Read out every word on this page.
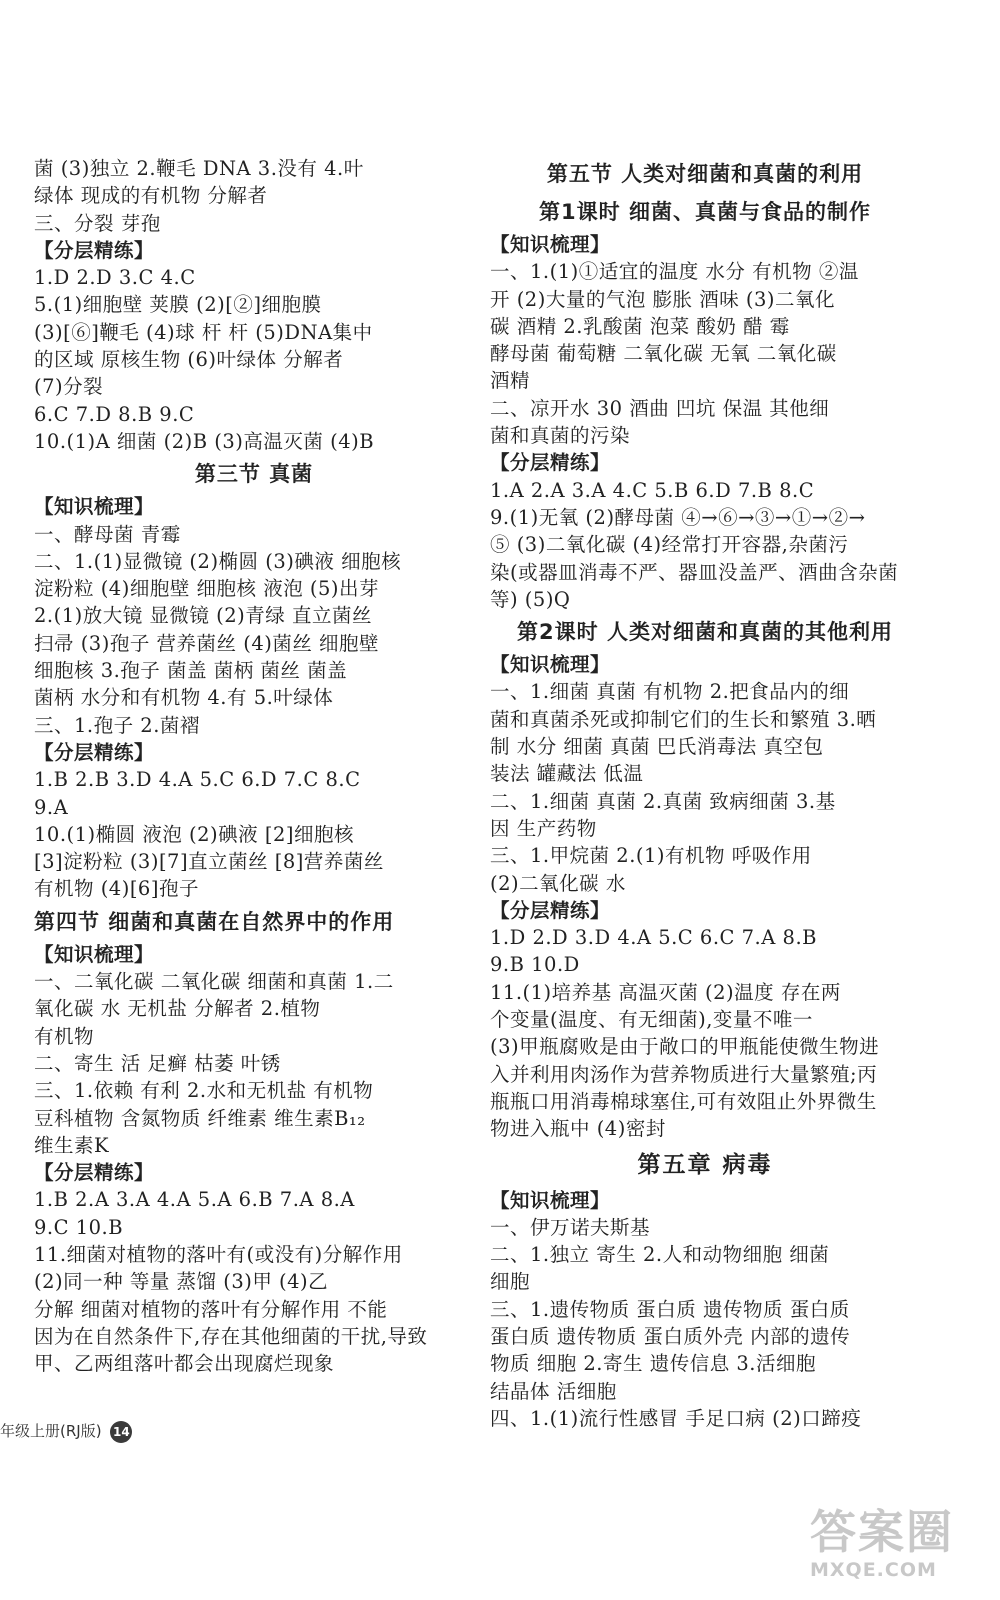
菌 (3)独立 2.鞭毛 DNA 3.没有 4.叶
绿体 现成的有机物 分解者
三、分裂 芽孢
【分层精练】
1.D 2.D 3.C 4.C
5.(1)细胞壁 荚膜 (2)[②]细胞膜
(3)[⑥]鞭毛 (4)球 杆 杆 (5)DNA集中
的区域 原核生物 (6)叶绿体 分解者
(7)分裂
6.C 7.D 8.B 9.C
10.(1)A 细菌 (2)B (3)高温灭菌 (4)B
第三节 真菌
【知识梳理】
一、酵母菌 青霉
二、1.(1)显微镜 (2)椭圆 (3)碘液 细胞核
淀粉粒 (4)细胞壁 细胞核 液泡 (5)出芽
2.(1)放大镜 显微镜 (2)青绿 直立菌丝
扫帚 (3)孢子 营养菌丝 (4)菌丝 细胞壁
细胞核 3.孢子 菌盖 菌柄 菌丝 菌盖
菌柄 水分和有机物 4.有 5.叶绿体
三、1.孢子 2.菌褶
【分层精练】
1.B 2.B 3.D 4.A 5.C 6.D 7.C 8.C
9.A
10.(1)椭圆 液泡 (2)碘液 [2]细胞核
[3]淀粉粒 (3)[7]直立菌丝 [8]营养菌丝
有机物 (4)[6]孢子
第四节 细菌和真菌在自然界中的作用
【知识梳理】
一、二氧化碳 二氧化碳 细菌和真菌 1.二
氧化碳 水 无机盐 分解者 2.植物
有机物
二、寄生 活 足癣 枯萎 叶锈
三、1.依赖 有利 2.水和无机盐 有机物
豆科植物 含氮物质 纤维素 维生素B₁₂
维生素K
【分层精练】
1.B 2.A 3.A 4.A 5.A 6.B 7.A 8.A
9.C 10.B
11.细菌对植物的落叶有(或没有)分解作用
(2)同一种 等量 蒸馏 (3)甲 (4)乙
分解 细菌对植物的落叶有分解作用 不能
因为在自然条件下,存在其他细菌的干扰,导致
甲、乙两组落叶都会出现腐烂现象
第五节 人类对细菌和真菌的利用
第1课时 细菌、真菌与食品的制作
【知识梳理】
一、1.(1)①适宜的温度 水分 有机物 ②温
开 (2)大量的气泡 膨胀 酒味 (3)二氧化
碳 酒精 2.乳酸菌 泡菜 酸奶 醋 霉
酵母菌 葡萄糖 二氧化碳 无氧 二氧化碳
酒精
二、凉开水 30 酒曲 凹坑 保温 其他细
菌和真菌的污染
【分层精练】
1.A 2.A 3.A 4.C 5.B 6.D 7.B 8.C
9.(1)无氧 (2)酵母菌 ④→⑥→③→①→②→
⑤ (3)二氧化碳 (4)经常打开容器,杂菌污
染(或器皿消毒不严、器皿没盖严、酒曲含杂菌
等) (5)Q
第2课时 人类对细菌和真菌的其他利用
【知识梳理】
一、1.细菌 真菌 有机物 2.把食品内的细
菌和真菌杀死或抑制它们的生长和繁殖 3.晒
制 水分 细菌 真菌 巴氏消毒法 真空包
装法 罐藏法 低温
二、1.细菌 真菌 2.真菌 致病细菌 3.基
因 生产药物
三、1.甲烷菌 2.(1)有机物 呼吸作用
(2)二氧化碳 水
【分层精练】
1.D 2.D 3.D 4.A 5.C 6.C 7.A 8.B
9.B 10.D
11.(1)培养基 高温灭菌 (2)温度 存在两
个变量(温度、有无细菌),变量不唯一
(3)甲瓶腐败是由于敞口的甲瓶能使微生物进
入并利用肉汤作为营养物质进行大量繁殖;丙
瓶瓶口用消毒棉球塞住,可有效阻止外界微生
物进入瓶中 (4)密封
第五章 病毒
【知识梳理】
一、伊万诺夫斯基
二、1.独立 寄生 2.人和动物细胞 细菌
细胞
三、1.遗传物质 蛋白质 遗传物质 蛋白质
蛋白质 遗传物质 蛋白质外壳 内部的遗传
物质 细胞 2.寄生 遗传信息 3.活细胞
结晶体 活细胞
四、1.(1)流行性感冒 手足口病 (2)口蹄疫
年级上册(RJ版) 14
答案圈
MXQE.COM
